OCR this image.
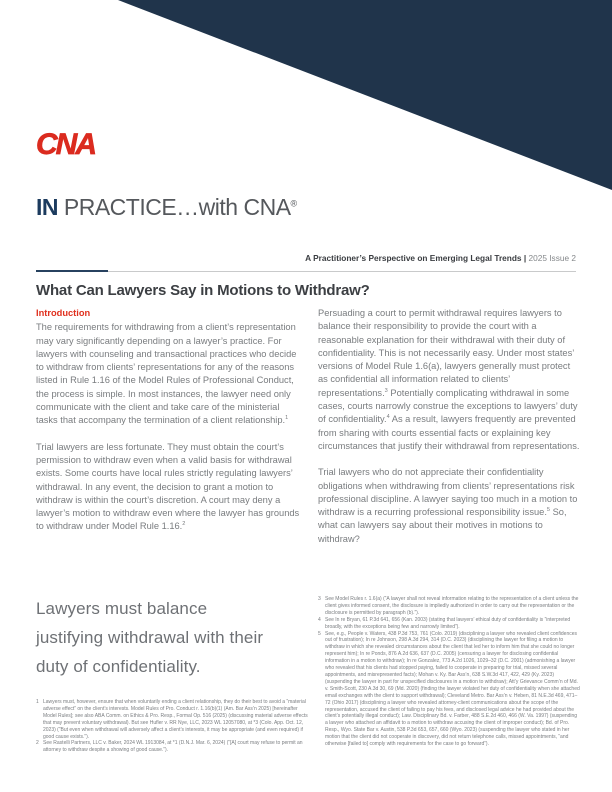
CNA
IN PRACTICE…with CNA®
A Practitioner’s Perspective on Emerging Legal Trends | 2025 Issue 2
What Can Lawyers Say in Motions to Withdraw?
Introduction

The requirements for withdrawing from a client’s representation may vary significantly depending on a lawyer’s practice. For lawyers with counseling and transactional practices who decide to withdraw from clients’ representations for any of the reasons listed in Rule 1.16 of the Model Rules of Professional Conduct, the process is simple. In most instances, the lawyer need only communicate with the client and take care of the ministerial tasks that accompany the termination of a client relationship.$^1$

Trial lawyers are less fortunate. They must obtain the court’s permission to withdraw even when a valid basis for withdrawal exists. Some courts have local rules strictly regulating lawyers’ withdrawal. In any event, the decision to grant a motion to withdraw is within the court’s discretion. A court may deny a lawyer’s motion to withdraw even where the lawyer has grounds to withdraw under Model Rule 1.16.$^2$

Persuading a court to permit withdrawal requires lawyers to balance their responsibility to provide the court with a reasonable explanation for their withdrawal with their duty of confidentiality. This is not necessarily easy. Under most states’ versions of Model Rule 1.6(a), lawyers generally must protect as confidential all information related to clients’ representations.$^3$ Potentially complicating withdrawal in some cases, courts narrowly construe the exceptions to lawyers’ duty of confidentiality.$^4$ As a result, lawyers frequently are prevented from sharing with courts essential facts or explaining key circumstances that justify their withdrawal from representations.

Trial lawyers who do not appreciate their confidentiality obligations when withdrawing from clients’ representations risk professional discipline. A lawyer saying too much in a motion to withdraw is a recurring professional responsibility issue.$^5$ So, what can lawyers say about their motives in motions to withdraw?

Lawyers must balance justifying withdrawal with their duty of confidentiality.
1 Lawyers must, however, ensure that when voluntarily ending a client relationship, they do their best to avoid a “material adverse effect” on the client’s interests. Model Rules of Pro. Conduct r. 1.16(b)(1) (Am. Bar Ass’n 2025) [hereinafter Model Rules]; see also ABA Comm. on Ethics & Pro. Resp., Formal Op. 516 (2025) (discussing material adverse effects that may prevent voluntary withdrawal). But see Hufler v. RR Nye, LLC, 2023 WL 12057080, at *3 (Colo. App. Oct. 12, 2023) (“But even when withdrawal will adversely affect a client’s interests, it may be appropriate (and even required) if good cause exists.”).
2 See Rastelli Partners, LLC v. Baker, 2024 WL 1913084, at *1 (D.N.J. Mar. 6, 2024) (“[A] court may refuse to permit an attorney to withdraw despite a showing of good cause.”).
3 See Model Rules r. 1.6(a) (“A lawyer shall not reveal information relating to the representation of a client unless the client gives informed consent, the disclosure is impliedly authorized in order to carry out the representation or the disclosure is permitted by paragraph (b).”).
4 See In re Bryan, 61 P.3d 641, 656 (Kan. 2003) (stating that lawyers’ ethical duty of confidentiality is “interpreted broadly, with the exceptions being few and narrowly limited”).
5 See, e.g., People v. Waters, 438 P.3d 753, 761 (Colo. 2019) (disciplining a lawyer who revealed client confidences out of frustration); In re Johnson, 298 A.3d 294, 314 (D.C. 2023) (disciplining the lawyer for filing a motion to withdraw in which she revealed circumstances about the client that led her to inform him that she could no longer represent him); In re Ponds, 876 A.2d 636, 637 (D.C. 2005) (censuring a lawyer for disclosing confidential information in a motion to withdraw); In re Gonzalez, 773 A.2d 1026, 1029–32 (D.C. 2001) (admonishing a lawyer who revealed that his clients had stopped paying, failed to cooperate in preparing for trial, missed several appointments, and misrepresented facts); Mohan v. Ky. Bar Ass’n, 638 S.W.3d 417, 422, 429 (Ky. 2023) (suspending the lawyer in part for unspecified disclosures in a motion to withdraw); Att’y Grievance Comm’n of Md. v. Smith-Scott, 230 A.3d 30, 69 (Md. 2020) (finding the lawyer violated her duty of confidentiality when she attached email exchanges with the client to support withdrawal); Cleveland Metro. Bar Ass’n v. Heben, 81 N.E.3d 469, 471–72 (Ohio 2017) (disciplining a lawyer who revealed attorney-client communications about the scope of the representation, accused the client of failing to pay his fees, and disclosed legal advice he had provided about the client’s potentially illegal conduct); Law. Disciplinary Bd. v. Farber, 488 S.E.2d 460, 466 (W. Va. 1997) (suspending a lawyer who attached an affidavit to a motion to withdraw accusing the client of improper conduct); Bd. of Pro. Resp., Wyo. State Bar v. Austin, 538 P.3d 653, 657, 660 (Wyo. 2023) (suspending the lawyer who stated in her motion that the client did not cooperate in discovery, did not return telephone calls, missed appointments, “and otherwise [failed to] comply with requirements for the case to go forward”).
